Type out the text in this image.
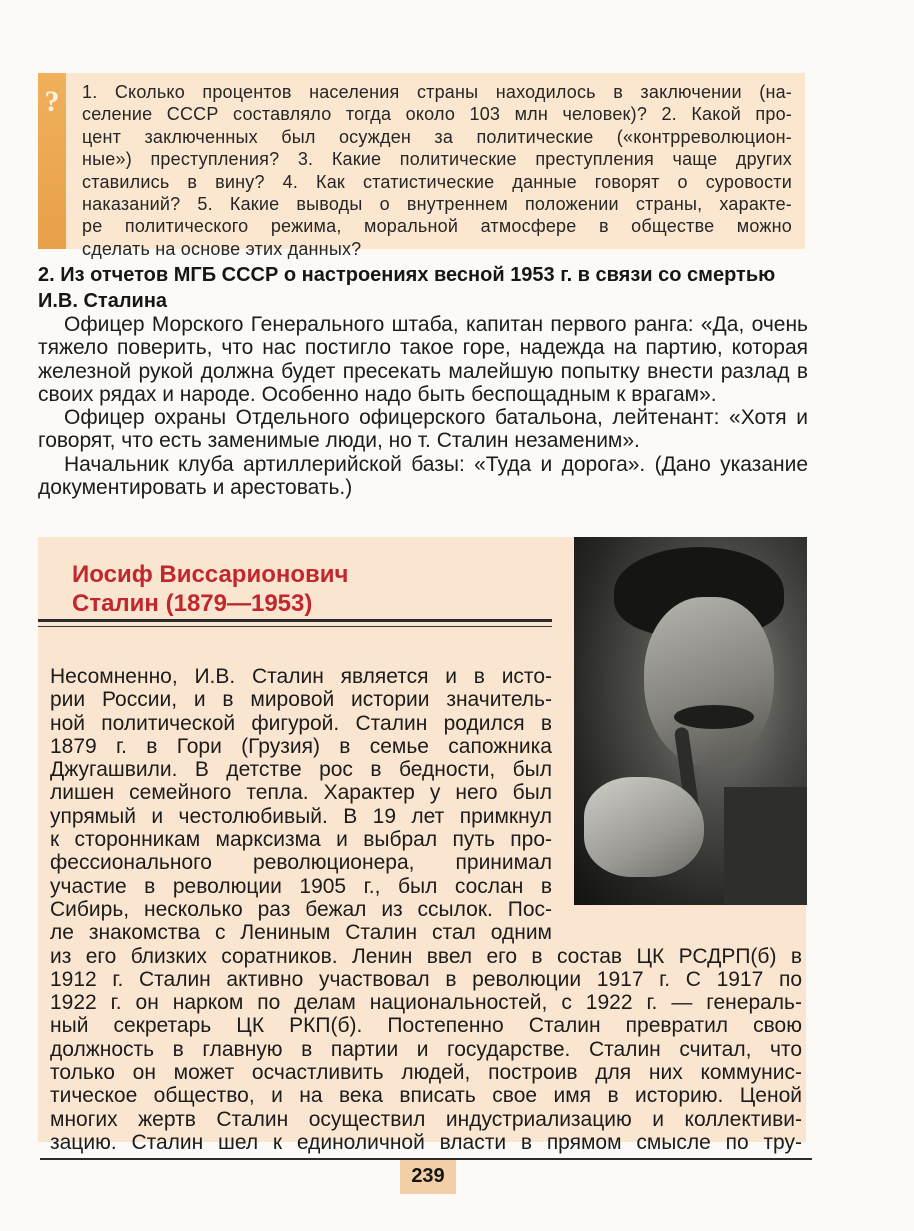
? 1. Сколько процентов населения страны находилось в заключении (на-

селение СССР составляло тогда около 103 млн человек)? 2. Какой про-

цент заключенных был осужден за политические («контрреволюцион-

ные») преступления? 3. Какие политические преступления чаще других

ставились в вину? 4. Как статистические данные говорят о суровости

наказаний? 5. Какие выводы о внутреннем положении страны, характе-

ре политического режима, моральной атмосфере в обществе можно

сделать на основе этих данных?

2. Из отчетов МГБ СССР о настроениях весной 1953 г. в связи со смертью И.В. Сталина

Офицер Морского Генерального штаба, капитан первого ранга: «Да, очень тяжело поверить, что нас постигло такое горе, надежда на партию, которая железной рукой должна будет пресекать малейшую попытку внести разлад в своих рядах и народе. Особенно надо быть беспощадным к врагам».

Офицер охраны Отдельного офицерского батальона, лейтенант: «Хотя и говорят, что есть заменимые люди, но т. Сталин незаменим».

Начальник клуба артиллерийской базы: «Туда и дорога». (Дано указание документировать и арестовать.)

Иосиф Виссарионович
Сталин (1879—1953)
Несомненно, И.В. Сталин является и в исто-
рии России, и в мировой истории значитель-
ной политической фигурой. Сталин родился в
1879 г. в Гори (Грузия) в семье сапожника
Джугашвили. В детстве рос в бедности, был
лишен семейного тепла. Характер у него был
упрямый и честолюбивый. В 19 лет примкнул
к сторонникам марксизма и выбрал путь про-
фессионального революционера, принимал
участие в революции 1905 г., был сослан в
Сибирь, несколько раз бежал из ссылок. Пос-
ле знакомства с Лениным Сталин стал одним
из его близких соратников. Ленин ввел его в состав ЦК РСДРП(б) в
1912 г. Сталин активно участвовал в революции 1917 г. С 1917 по
1922 г. он нарком по делам национальностей, с 1922 г. — генераль-
ный секретарь ЦК РКП(б). Постепенно Сталин превратил свою
должность в главную в партии и государстве. Сталин считал, что
только он может осчастливить людей, построив для них коммунис-
тическое общество, и на века вписать свое имя в историю. Ценой
многих жертв Сталин осуществил индустриализацию и коллективи-
зацию. Сталин шел к единоличной власти в прямом смысле по тру-
239
